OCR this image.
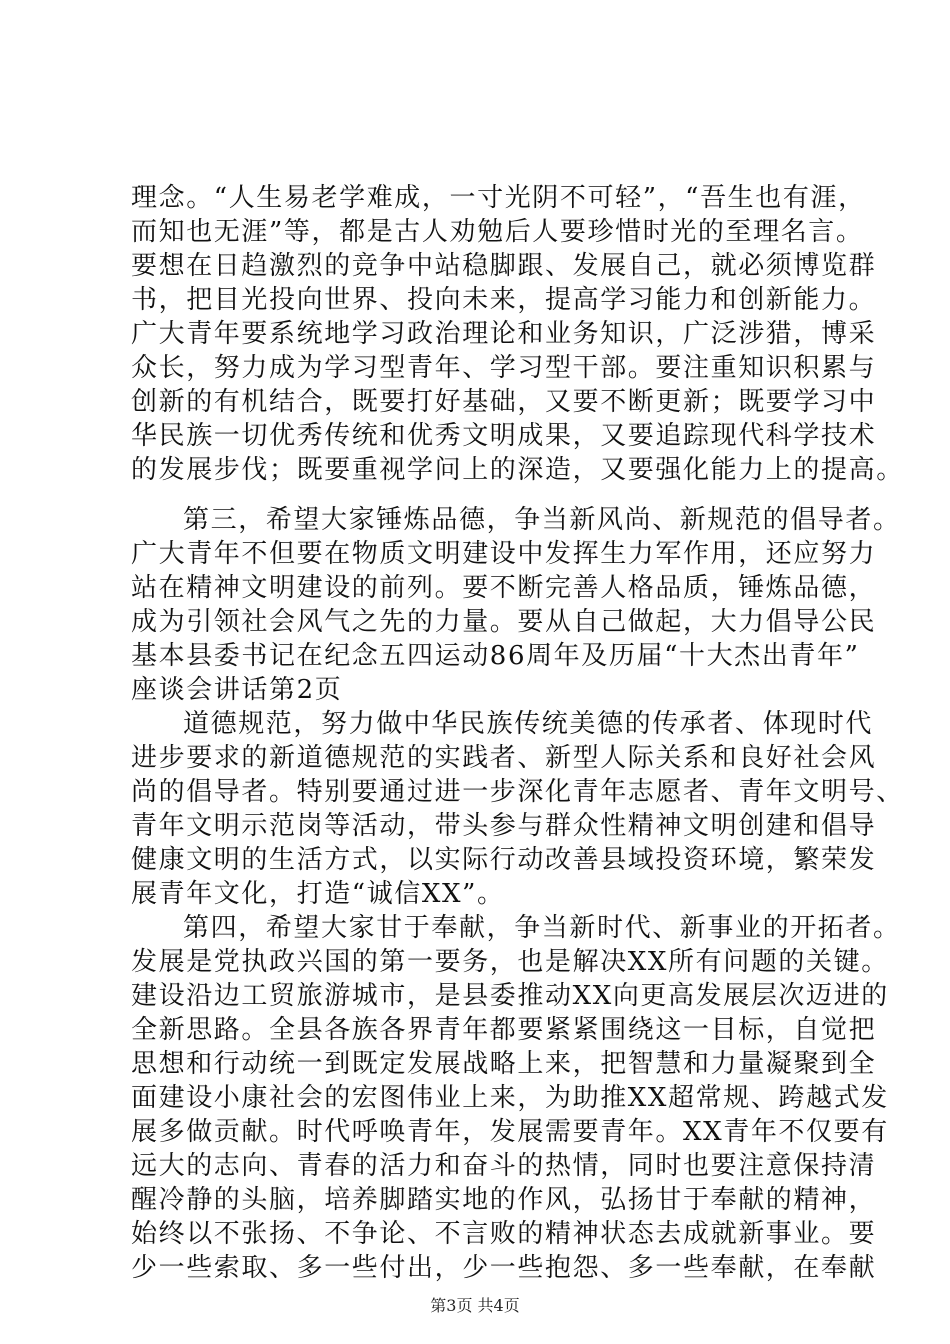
理念。“人生易老学难成，一寸光阴不可轻”，“吾生也有涯，
而知也无涯”等，都是古人劝勉后人要珍惜时光的至理名言。
要想在日趋激烈的竞争中站稳脚跟、发展自己，就必须博览群
书，把目光投向世界、投向未来，提高学习能力和创新能力。
广大青年要系统地学习政治理论和业务知识，广泛涉猎，博采
众长，努力成为学习型青年、学习型干部。要注重知识积累与
创新的有机结合，既要打好基础，又要不断更新；既要学习中
华民族一切优秀传统和优秀文明成果，又要追踪现代科学技术
的发展步伐；既要重视学问上的深造，又要强化能力上的提高。
第三，希望大家锤炼品德，争当新风尚、新规范的倡导者。
广大青年不但要在物质文明建设中发挥生力军作用，还应努力
站在精神文明建设的前列。要不断完善人格品质，锤炼品德，
成为引领社会风气之先的力量。要从自己做起，大力倡导公民
基本县委书记在纪念五四运动86周年及历届“十大杰出青年”
座谈会讲话第2页
道德规范，努力做中华民族传统美德的传承者、体现时代
进步要求的新道德规范的实践者、新型人际关系和良好社会风
尚的倡导者。特别要通过进一步深化青年志愿者、青年文明号、
青年文明示范岗等活动，带头参与群众性精神文明创建和倡导
健康文明的生活方式，以实际行动改善县域投资环境，繁荣发
展青年文化，打造“诚信XX”。
第四，希望大家甘于奉献，争当新时代、新事业的开拓者。
发展是党执政兴国的第一要务，也是解决XX所有问题的关键。
建设沿边工贸旅游城市，是县委推动XX向更高发展层次迈进的
全新思路。全县各族各界青年都要紧紧围绕这一目标，自觉把
思想和行动统一到既定发展战略上来，把智慧和力量凝聚到全
面建设小康社会的宏图伟业上来，为助推XX超常规、跨越式发
展多做贡献。时代呼唤青年，发展需要青年。XX青年不仅要有
远大的志向、青春的活力和奋斗的热情，同时也要注意保持清
醒冷静的头脑，培养脚踏实地的作风，弘扬甘于奉献的精神，
始终以不张扬、不争论、不言败的精神状态去成就新事业。要
少一些索取、多一些付出，少一些抱怨、多一些奉献，在奉献
第3页 共4页
